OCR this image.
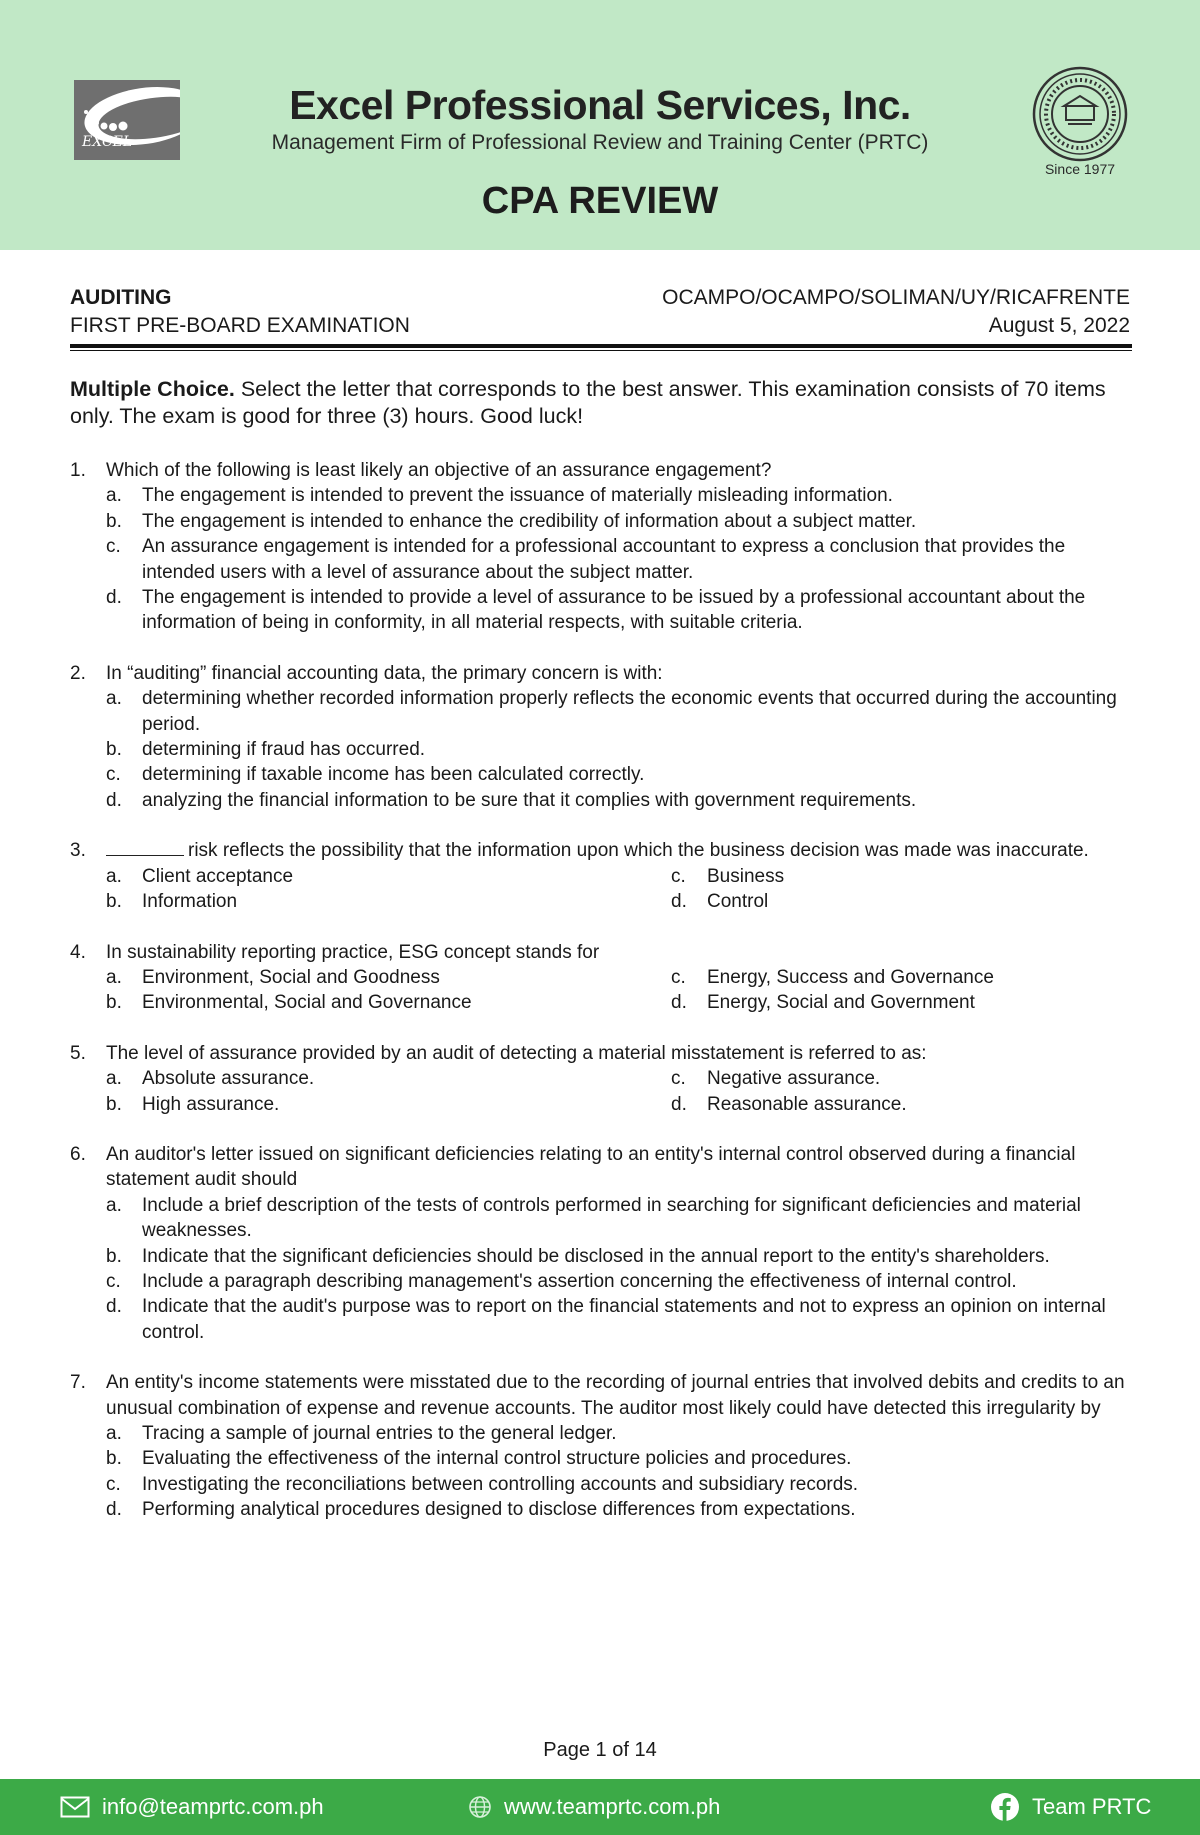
EXCEL
Excel Professional Services, Inc.
Management Firm of Professional Review and Training Center (PRTC)
Since 1977
CPA REVIEW
AUDITING	OCAMPO/OCAMPO/SOLIMAN/UY/RICAFRENTE
FIRST PRE-BOARD EXAMINATION	August 5, 2022
Multiple Choice. Select the letter that corresponds to the best answer. This examination consists of 70 items only. The exam is good for three (3) hours. Good luck!
1.	Which of the following is least likely an objective of an assurance engagement?
a. The engagement is intended to prevent the issuance of materially misleading information.
b. The engagement is intended to enhance the credibility of information about a subject matter.
c. An assurance engagement is intended for a professional accountant to express a conclusion that provides the intended users with a level of assurance about the subject matter.
d. The engagement is intended to provide a level of assurance to be issued by a professional accountant about the information of being in conformity, in all material respects, with suitable criteria.
2.	In “auditing” financial accounting data, the primary concern is with:
a. determining whether recorded information properly reflects the economic events that occurred during the accounting period.
b. determining if fraud has occurred.
c. determining if taxable income has been calculated correctly.
d. analyzing the financial information to be sure that it complies with government requirements.
3.	risk reflects the possibility that the information upon which the business decision was made was inaccurate.
a. Client acceptance	c. Business
b. Information	d. Control
4.	In sustainability reporting practice, ESG concept stands for
a. Environment, Social and Goodness	c. Energy, Success and Governance
b. Environmental, Social and Governance	d. Energy, Social and Government
5.	The level of assurance provided by an audit of detecting a material misstatement is referred to as:
a. Absolute assurance.	c. Negative assurance.
b. High assurance.	d. Reasonable assurance.
6.	An auditor's letter issued on significant deficiencies relating to an entity's internal control observed during a financial statement audit should
a. Include a brief description of the tests of controls performed in searching for significant deficiencies and material weaknesses.
b. Indicate that the significant deficiencies should be disclosed in the annual report to the entity's shareholders.
c. Include a paragraph describing management's assertion concerning the effectiveness of internal control.
d. Indicate that the audit's purpose was to report on the financial statements and not to express an opinion on internal control.
7.	An entity's income statements were misstated due to the recording of journal entries that involved debits and credits to an unusual combination of expense and revenue accounts. The auditor most likely could have detected this irregularity by
a. Tracing a sample of journal entries to the general ledger.
b. Evaluating the effectiveness of the internal control structure policies and procedures.
c. Investigating the reconciliations between controlling accounts and subsidiary records.
d. Performing analytical procedures designed to disclose differences from expectations.
Page 1 of 14
info@teamprtc.com.ph	www.teamprtc.com.ph	Team PRTC
